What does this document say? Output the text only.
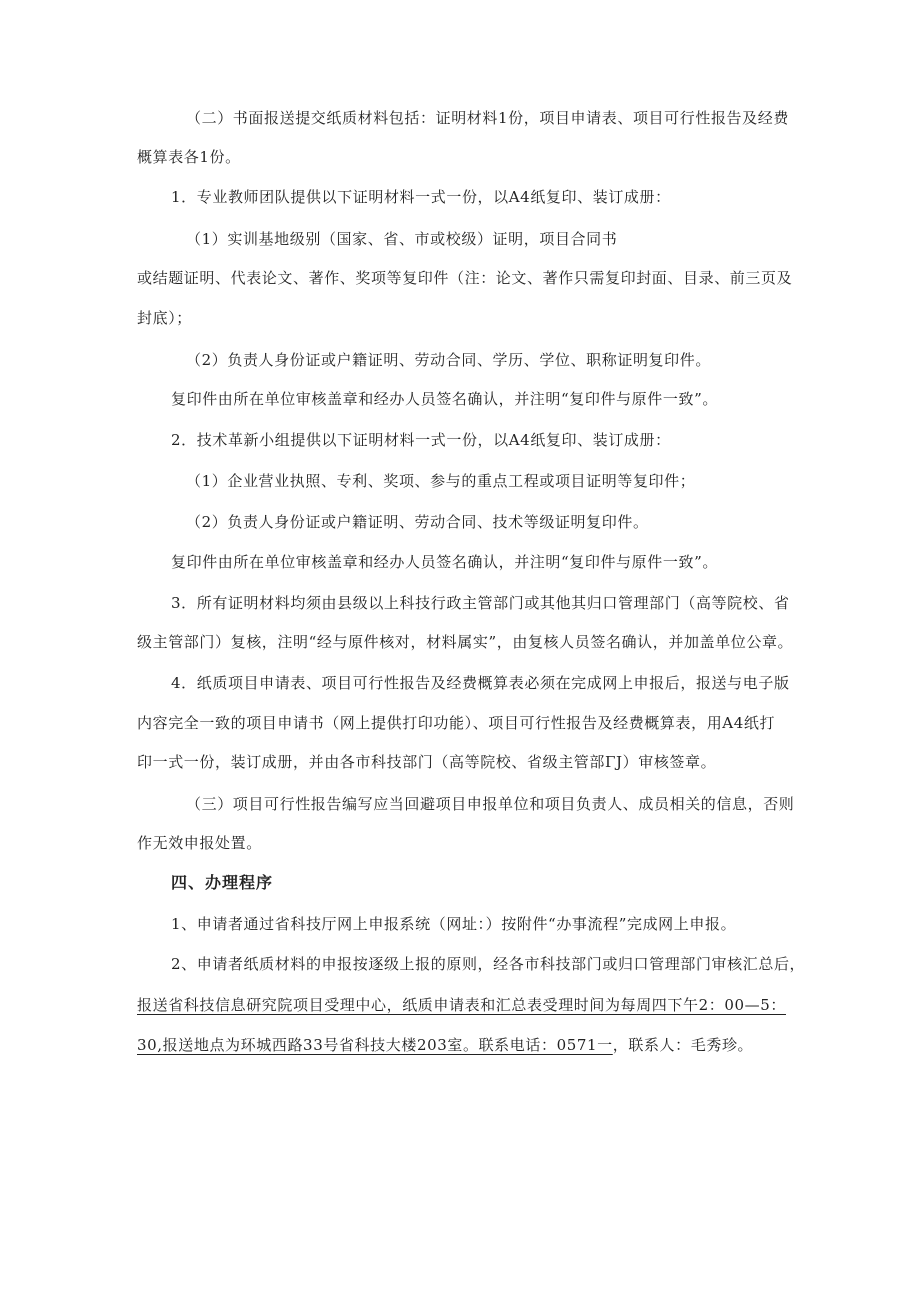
（二）书面报送提交纸质材料包括：证明材料1份，项目申请表、项目可行性报告及经费
概算表各1份。
1．专业教师团队提供以下证明材料一式一份，以A4纸复印、装订成册：
（1）实训基地级别（国家、省、市或校级）证明，项目合同书
或结题证明、代表论文、著作、奖项等复印件（注：论文、著作只需复印封面、目录、前三页及
封底）；
（2）负责人身份证或户籍证明、劳动合同、学历、学位、职称证明复印件。
复印件由所在单位审核盖章和经办人员签名确认，并注明“复印件与原件一致”。
2．技术革新小组提供以下证明材料一式一份，以A4纸复印、装订成册：
（1）企业营业执照、专利、奖项、参与的重点工程或项目证明等复印件；
（2）负责人身份证或户籍证明、劳动合同、技术等级证明复印件。
复印件由所在单位审核盖章和经办人员签名确认，并注明“复印件与原件一致”。
3．所有证明材料均须由县级以上科技行政主管部门或其他其归口管理部门（高等院校、省
级主管部门）复核，注明“经与原件核对，材料属实”，由复核人员签名确认，并加盖单位公章。
4．纸质项目申请表、项目可行性报告及经费概算表必须在完成网上申报后，报送与电子版
内容完全一致的项目申请书（网上提供打印功能）、项目可行性报告及经费概算表，用A4纸打
印一式一份，装订成册，并由各市科技部门（高等院校、省级主管部ΓJ）审核签章。
（三）项目可行性报告编写应当回避项目申报单位和项目负责人、成员相关的信息，否则
作无效申报处置。
四、办理程序
1、申请者通过省科技厅网上申报系统（网址：）按附件“办事流程”完成网上申报。
2、申请者纸质材料的申报按逐级上报的原则，经各市科技部门或归口管理部门审核汇总后，
报送省科技信息研究院项目受理中心，纸质申请表和汇总表受理时间为每周四下午2：00—5：
30,报送地点为环城西路33号省科技大楼203室。联系电话：0571一，联系人：毛秀珍。
